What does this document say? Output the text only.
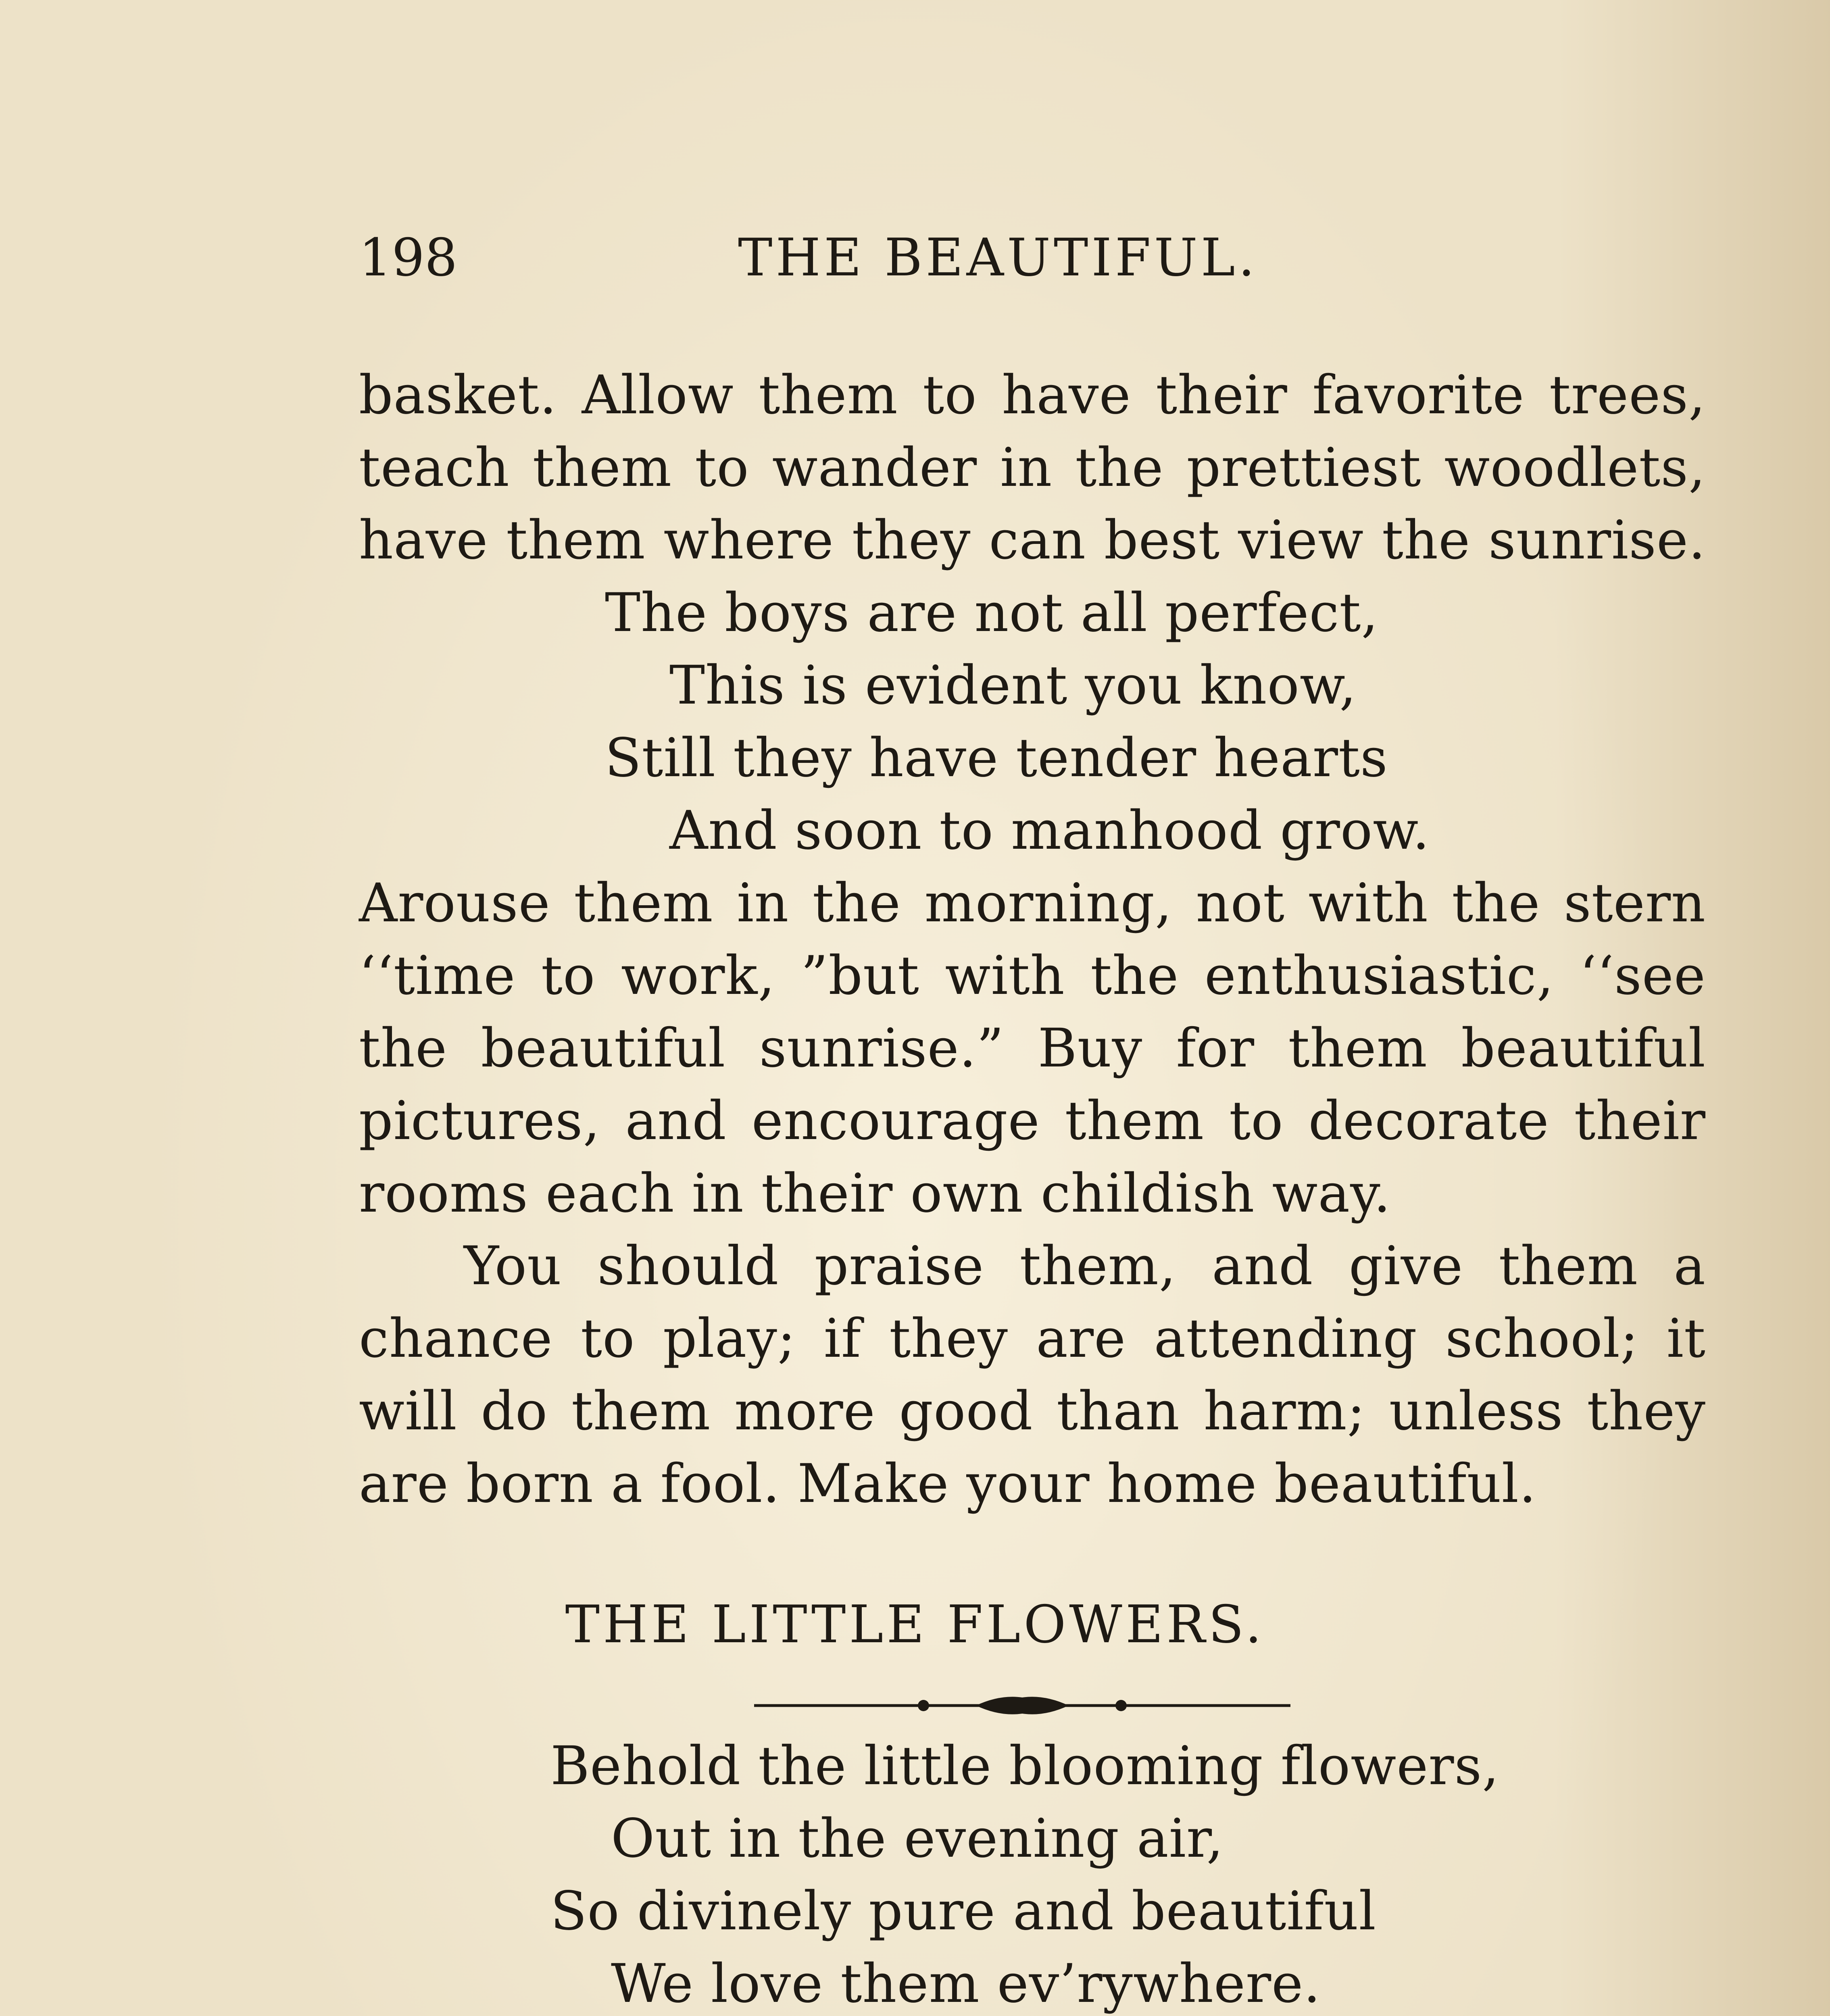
198	THE BEAUTIFUL.
basket. Allow them to have their favorite trees,
teach them to wander in the prettiest woodlets,
have them where they can best view the sunrise.
The boys are not all perfect,
This is evident you know,
Still they have tender hearts
And soon to manhood grow.
Arouse them in the morning, not with the stern
‘‘time to work, ”but with the enthusiastic, ‘‘see
the beautiful sunrise.” Buy for them beautiful
pictures, and encourage them to decorate their
rooms each in their own childish way.
You should praise them, and give them a
chance to play; if they are attending school; it
will do them more good than harm; unless they
are born a fool. Make your home beautiful.
THE LITTLE FLOWERS.
Behold the little blooming flowers,
Out in the evening air,
So divinely pure and beautiful
We love them ev’rywhere.
